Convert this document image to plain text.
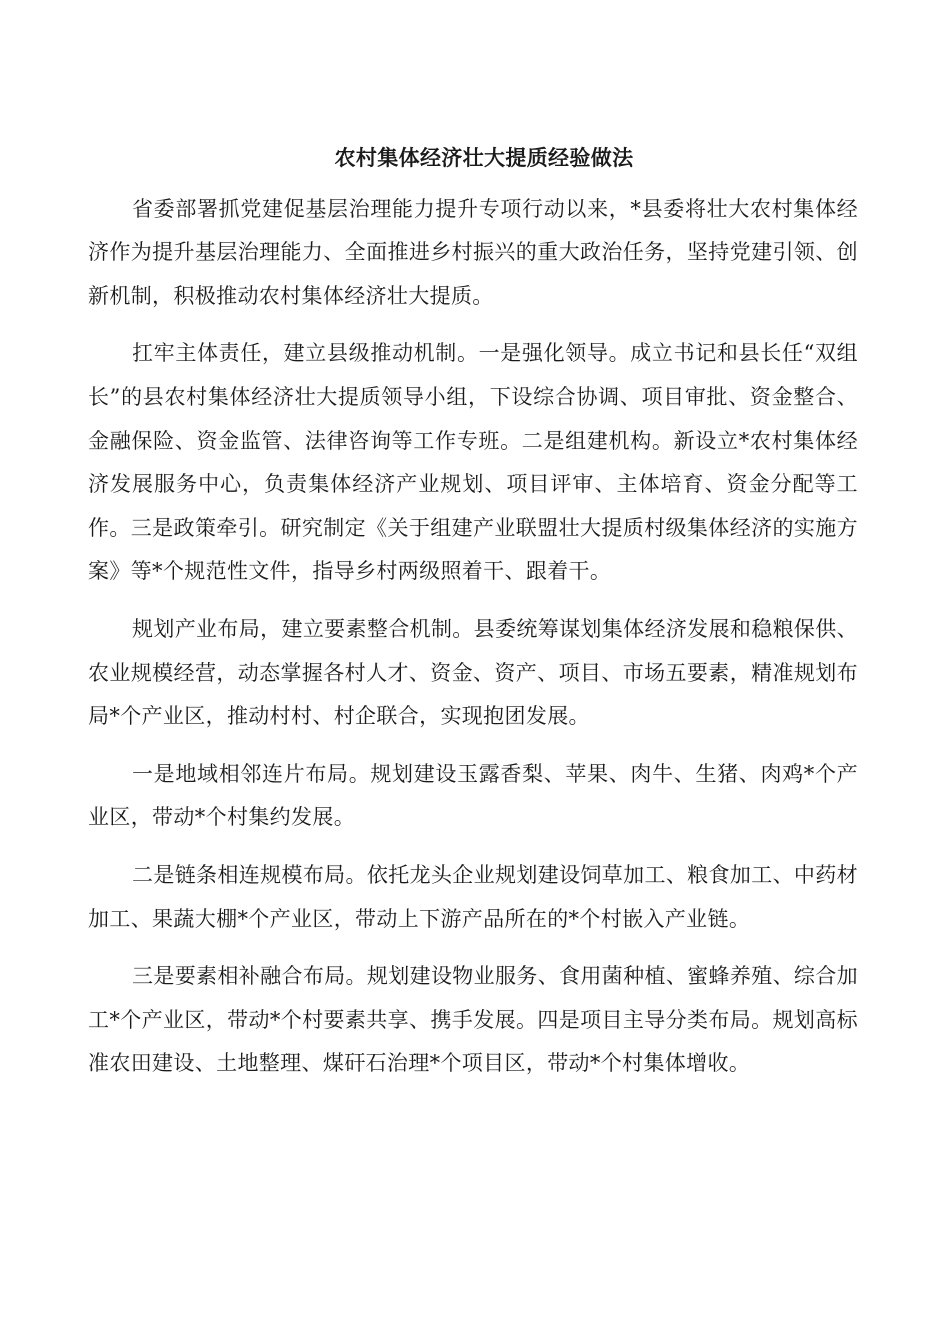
农村集体经济壮大提质经验做法

省委部署抓党建促基层治理能力提升专项行动以来，*县委将壮大农村集体经济作为提升基层治理能力、全面推进乡村振兴的重大政治任务，坚持党建引领、创新机制，积极推动农村集体经济壮大提质。

扛牢主体责任，建立县级推动机制。一是强化领导。成立书记和县长任“双组长”的县农村集体经济壮大提质领导小组，下设综合协调、项目审批、资金整合、金融保险、资金监管、法律咨询等工作专班。二是组建机构。新设立*农村集体经济发展服务中心，负责集体经济产业规划、项目评审、主体培育、资金分配等工作。三是政策牵引。研究制定《关于组建产业联盟壮大提质村级集体经济的实施方案》等*个规范性文件，指导乡村两级照着干、跟着干。

规划产业布局，建立要素整合机制。县委统筹谋划集体经济发展和稳粮保供、农业规模经营，动态掌握各村人才、资金、资产、项目、市场五要素，精准规划布局*个产业区，推动村村、村企联合，实现抱团发展。

一是地域相邻连片布局。规划建设玉露香梨、苹果、肉牛、生猪、肉鸡*个产业区，带动*个村集约发展。

二是链条相连规模布局。依托龙头企业规划建设饲草加工、粮食加工、中药材加工、果蔬大棚*个产业区，带动上下游产品所在的*个村嵌入产业链。

三是要素相补融合布局。规划建设物业服务、食用菌种植、蜜蜂养殖、综合加工*个产业区，带动*个村要素共享、携手发展。四是项目主导分类布局。规划高标准农田建设、土地整理、煤矸石治理*个项目区，带动*个村集体增收。
